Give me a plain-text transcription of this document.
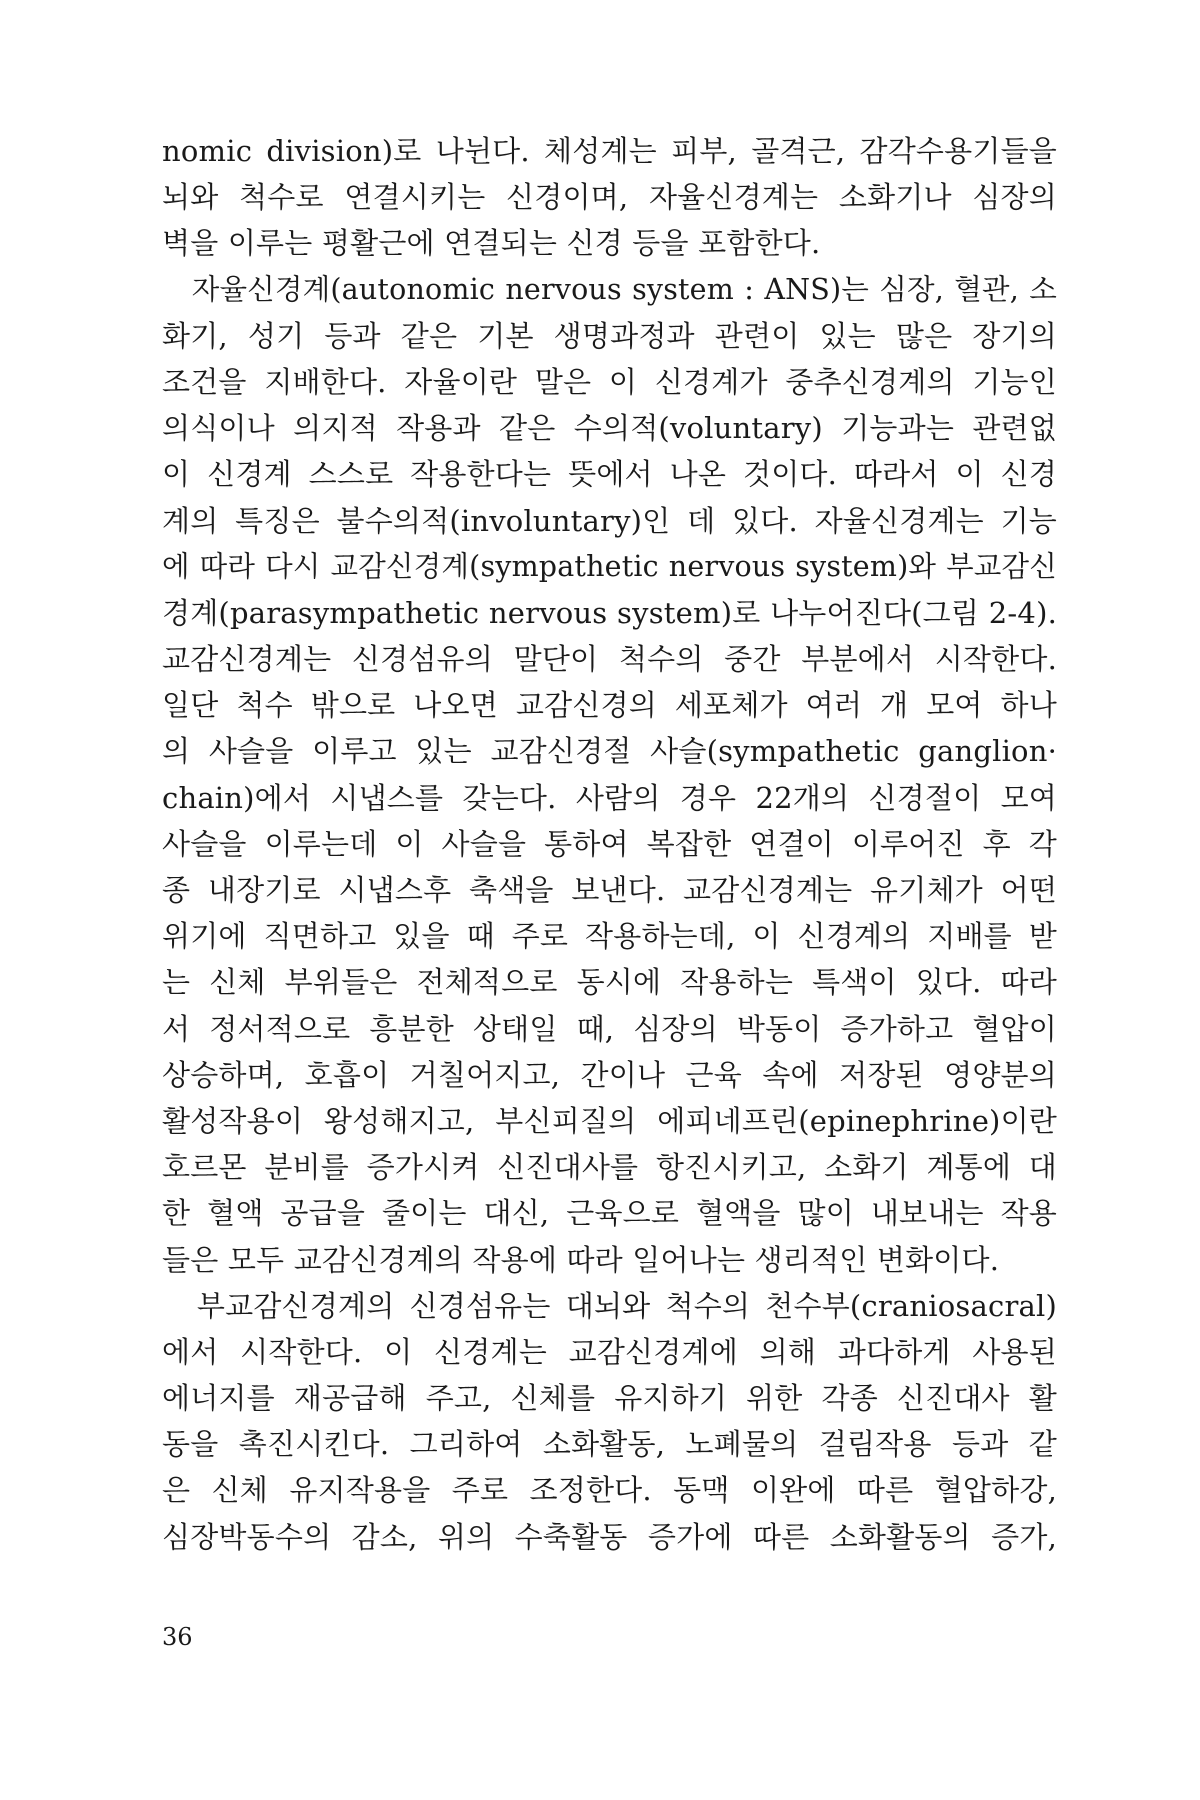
nomic division)로 나뉜다. 체성계는 피부, 골격근, 감각수용기들을
뇌와 척수로 연결시키는 신경이며, 자율신경계는 소화기나 심장의
벽을 이루는 평활근에 연결되는 신경 등을 포함한다.
　자율신경계(autonomic nervous system : ANS)는 심장, 혈관, 소
화기, 성기 등과 같은 기본 생명과정과 관련이 있는 많은 장기의
조건을 지배한다. 자율이란 말은 이 신경계가 중추신경계의 기능인
의식이나 의지적 작용과 같은 수의적(voluntary) 기능과는 관련없
이 신경계 스스로 작용한다는 뜻에서 나온 것이다. 따라서 이 신경
계의 특징은 불수의적(involuntary)인 데 있다. 자율신경계는 기능
에 따라 다시 교감신경계(sympathetic nervous system)와 부교감신
경계(parasympathetic nervous system)로 나누어진다(그림 2-4).
교감신경계는 신경섬유의 말단이 척수의 중간 부분에서 시작한다.
일단 척수 밖으로 나오면 교감신경의 세포체가 여러 개 모여 하나
의 사슬을 이루고 있는 교감신경절 사슬(sympathetic ganglion·
chain)에서 시냅스를 갖는다. 사람의 경우 22개의 신경절이 모여
사슬을 이루는데 이 사슬을 통하여 복잡한 연결이 이루어진 후 각
종 내장기로 시냅스후 축색을 보낸다. 교감신경계는 유기체가 어떤
위기에 직면하고 있을 때 주로 작용하는데, 이 신경계의 지배를 받
는 신체 부위들은 전체적으로 동시에 작용하는 특색이 있다. 따라
서 정서적으로 흥분한 상태일 때, 심장의 박동이 증가하고 혈압이
상승하며, 호흡이 거칠어지고, 간이나 근육 속에 저장된 영양분의
활성작용이 왕성해지고, 부신피질의 에피네프린(epinephrine)이란
호르몬 분비를 증가시켜 신진대사를 항진시키고, 소화기 계통에 대
한 혈액 공급을 줄이는 대신, 근육으로 혈액을 많이 내보내는 작용
들은 모두 교감신경계의 작용에 따라 일어나는 생리적인 변화이다.
　부교감신경계의 신경섬유는 대뇌와 척수의 천수부(craniosacral)
에서 시작한다. 이 신경계는 교감신경계에 의해 과다하게 사용된
에너지를 재공급해 주고, 신체를 유지하기 위한 각종 신진대사 활
동을 촉진시킨다. 그리하여 소화활동, 노폐물의 걸림작용 등과 같
은 신체 유지작용을 주로 조정한다. 동맥 이완에 따른 혈압하강,
심장박동수의 감소, 위의 수축활동 증가에 따른 소화활동의 증가,
36
